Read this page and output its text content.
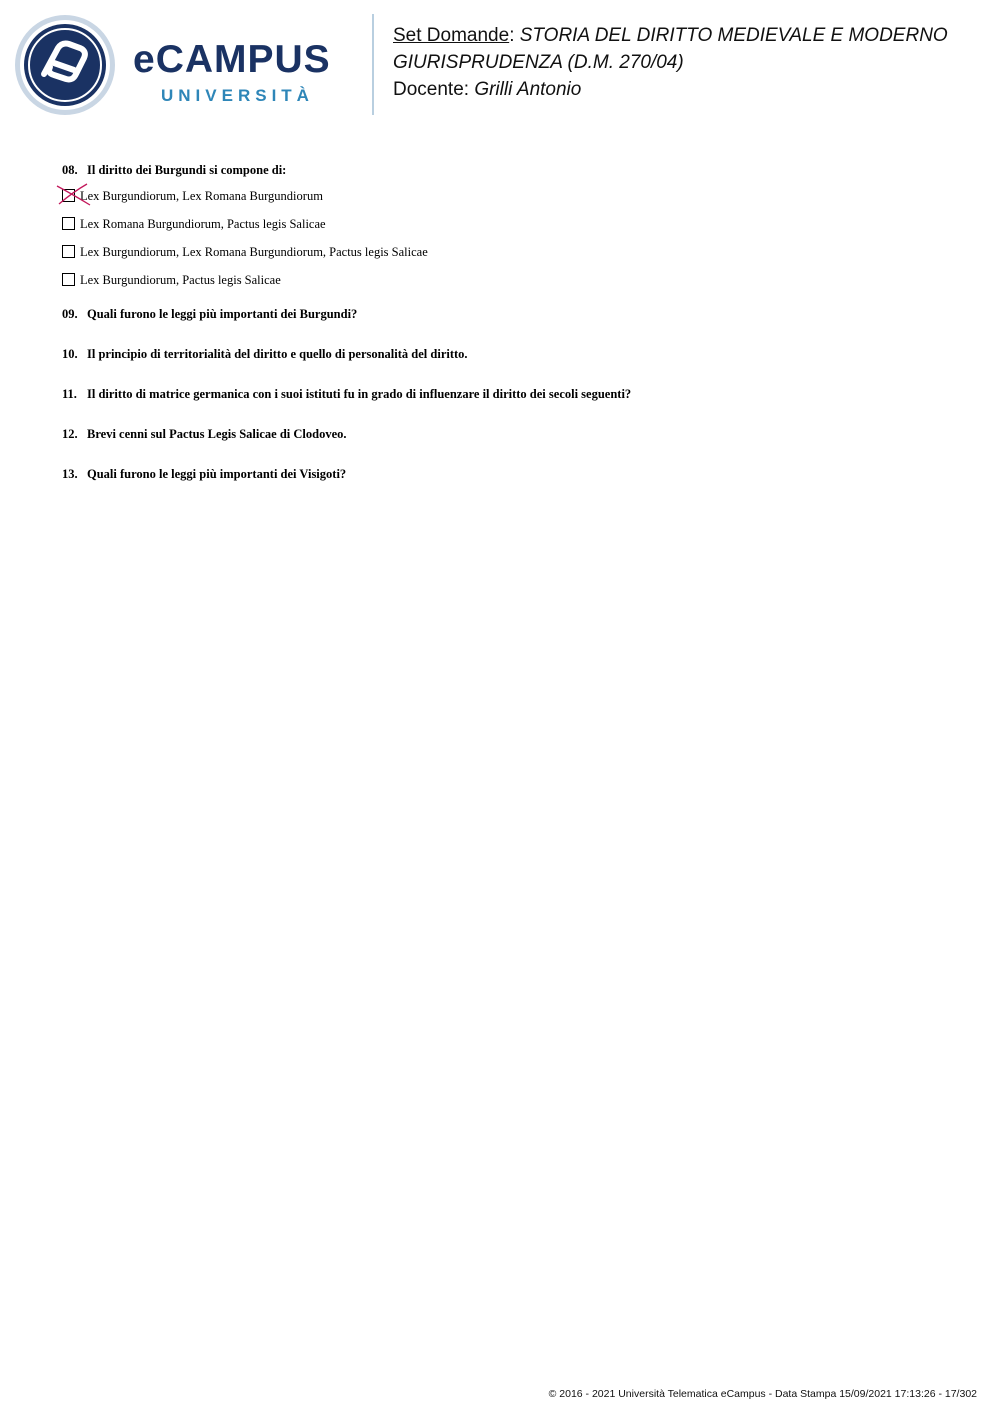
eCAMPUS
UNIVERSITÀ
Set Domande: STORIA DEL DIRITTO MEDIEVALE E MODERNO
GIURISPRUDENZA (D.M. 270/04)
Docente: Grilli Antonio
08. Il diritto dei Burgundi si compone di:
Lex Burgundiorum, Lex Romana Burgundiorum
Lex Romana Burgundiorum, Pactus legis Salicae
Lex Burgundiorum, Lex Romana Burgundiorum, Pactus legis Salicae
Lex Burgundiorum, Pactus legis Salicae
09. Quali furono le leggi più importanti dei Burgundi?
10. Il principio di territorialità del diritto e quello di personalità del diritto.
11. Il diritto di matrice germanica con i suoi istituti fu in grado di influenzare il diritto dei secoli seguenti?
12. Brevi cenni sul Pactus Legis Salicae di Clodoveo.
13. Quali furono le leggi più importanti dei Visigoti?
© 2016 - 2021 Università Telematica eCampus - Data Stampa 15/09/2021 17:13:26 - 17/302
